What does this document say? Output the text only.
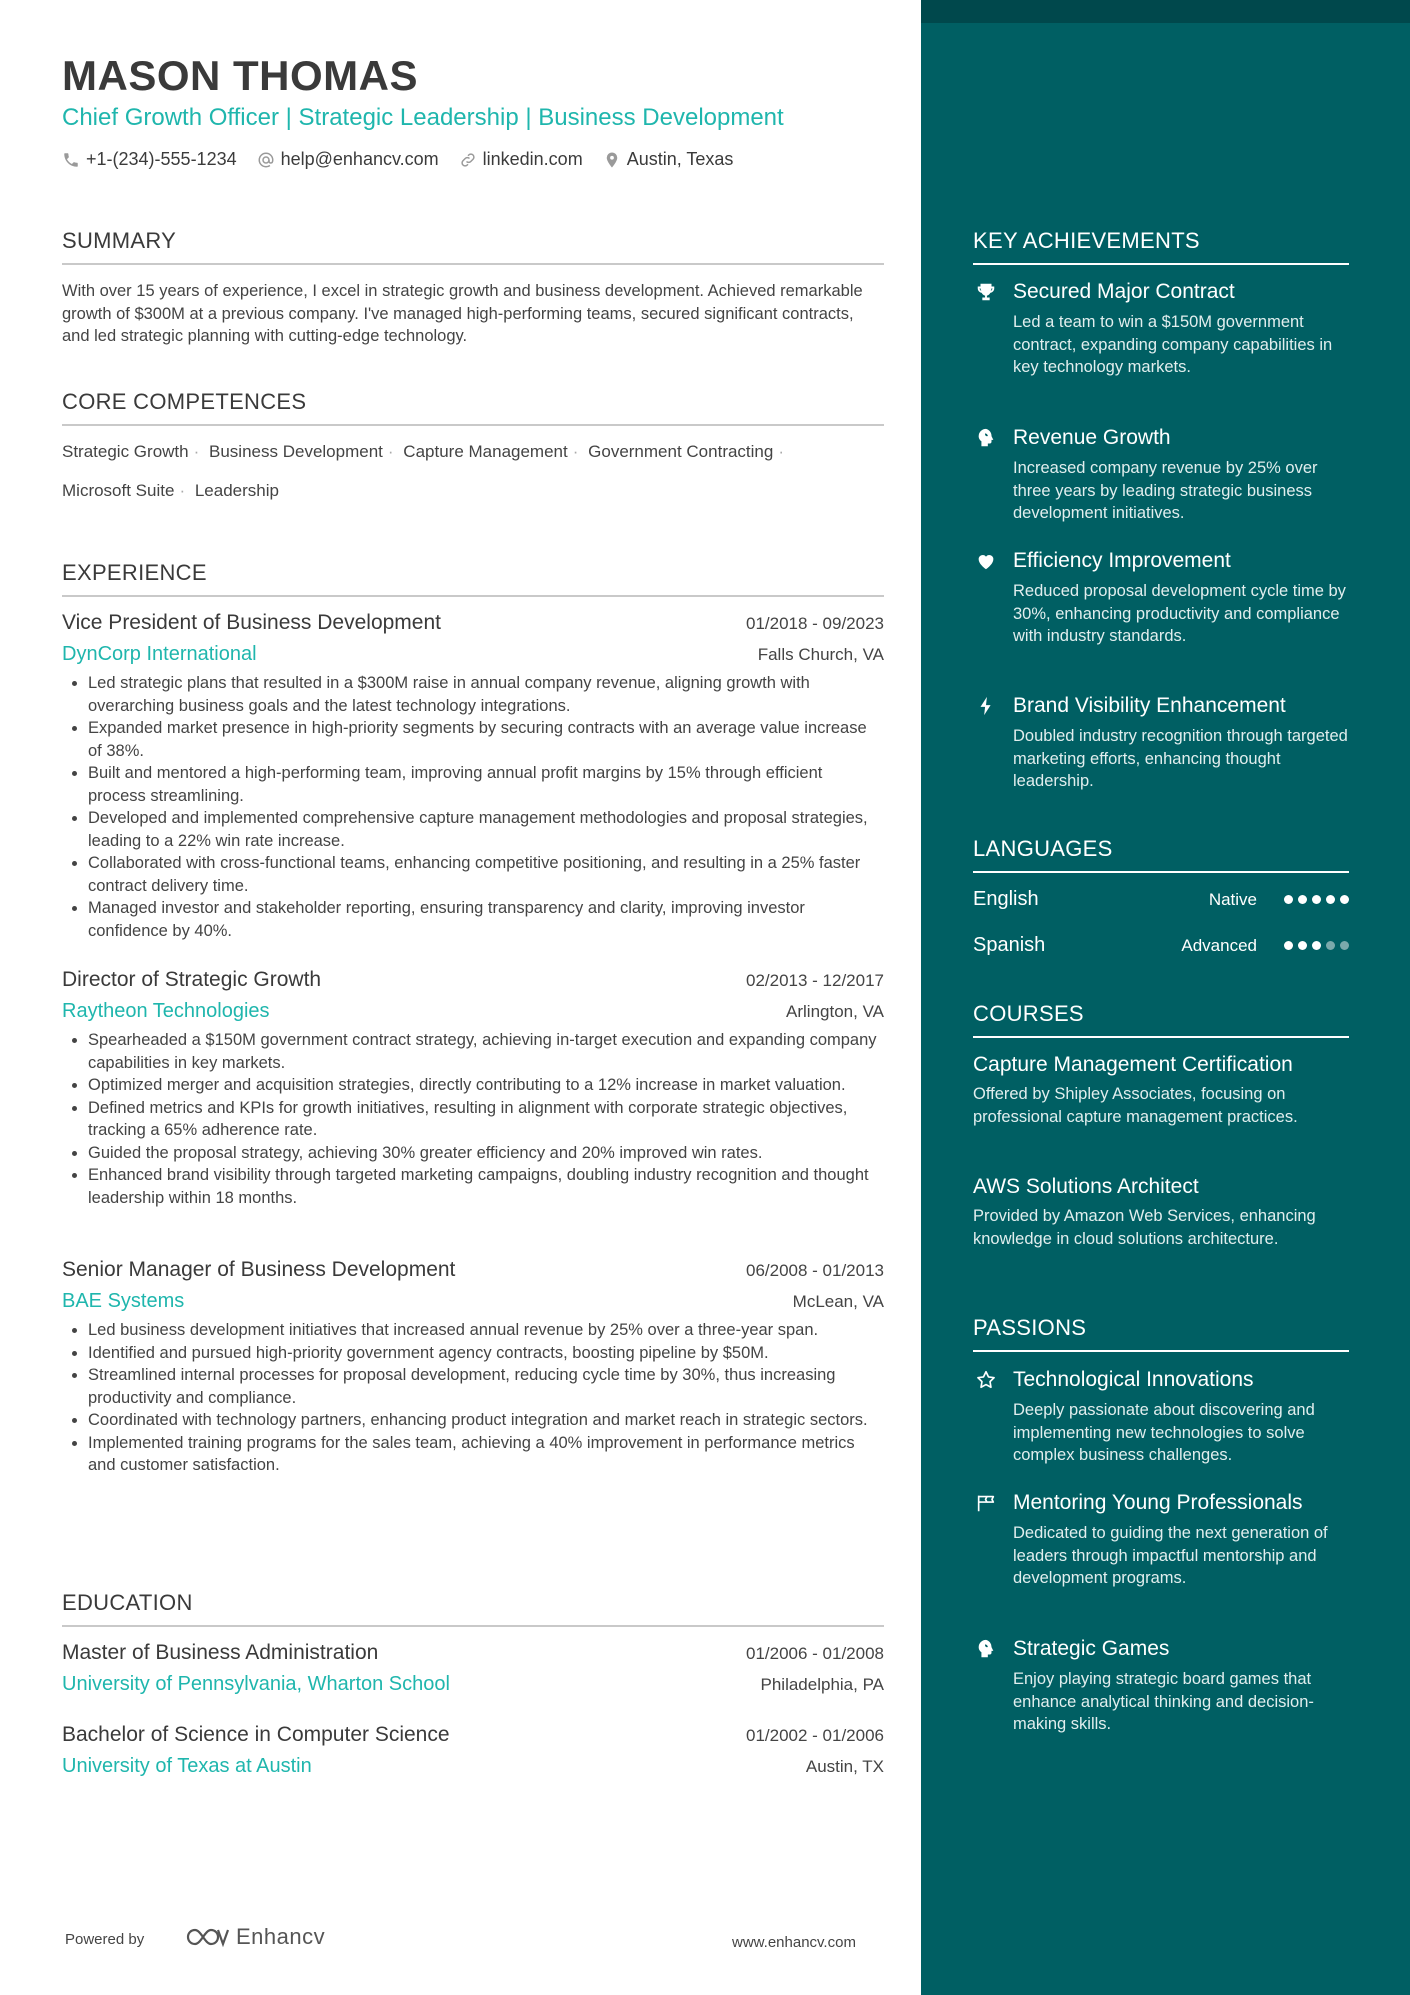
MASON THOMAS
Chief Growth Officer | Strategic Leadership | Business Development
+1-(234)-555-1234 help@enhancv.com linkedin.com Austin, Texas
SUMMARY
With over 15 years of experience, I excel in strategic growth and business development. Achieved remarkable growth of $300M at a previous company. I've managed high-performing teams, secured significant contracts, and led strategic planning with cutting-edge technology.
CORE COMPETENCES
Strategic Growth · Business Development · Capture Management · Government Contracting ·
Microsoft Suite · Leadership
EXPERIENCE
Vice President of Business Development	01/2018 - 09/2023
DynCorp International	Falls Church, VA
• Led strategic plans that resulted in a $300M raise in annual company revenue, aligning growth with overarching business goals and the latest technology integrations.
• Expanded market presence in high-priority segments by securing contracts with an average value increase of 38%.
• Built and mentored a high-performing team, improving annual profit margins by 15% through efficient process streamlining.
• Developed and implemented comprehensive capture management methodologies and proposal strategies, leading to a 22% win rate increase.
• Collaborated with cross-functional teams, enhancing competitive positioning, and resulting in a 25% faster contract delivery time.
• Managed investor and stakeholder reporting, ensuring transparency and clarity, improving investor confidence by 40%.
Director of Strategic Growth	02/2013 - 12/2017
Raytheon Technologies	Arlington, VA
• Spearheaded a $150M government contract strategy, achieving in-target execution and expanding company capabilities in key markets.
• Optimized merger and acquisition strategies, directly contributing to a 12% increase in market valuation.
• Defined metrics and KPIs for growth initiatives, resulting in alignment with corporate strategic objectives, tracking a 65% adherence rate.
• Guided the proposal strategy, achieving 30% greater efficiency and 20% improved win rates.
• Enhanced brand visibility through targeted marketing campaigns, doubling industry recognition and thought leadership within 18 months.
Senior Manager of Business Development	06/2008 - 01/2013
BAE Systems	McLean, VA
• Led business development initiatives that increased annual revenue by 25% over a three-year span.
• Identified and pursued high-priority government agency contracts, boosting pipeline by $50M.
• Streamlined internal processes for proposal development, reducing cycle time by 30%, thus increasing productivity and compliance.
• Coordinated with technology partners, enhancing product integration and market reach in strategic sectors.
• Implemented training programs for the sales team, achieving a 40% improvement in performance metrics and customer satisfaction.
EDUCATION
Master of Business Administration	01/2006 - 01/2008
University of Pennsylvania, Wharton School	Philadelphia, PA
Bachelor of Science in Computer Science	01/2002 - 01/2006
University of Texas at Austin	Austin, TX
Powered by	Enhancv	www.enhancv.com
KEY ACHIEVEMENTS
Secured Major Contract
Led a team to win a $150M government contract, expanding company capabilities in key technology markets.
Revenue Growth
Increased company revenue by 25% over three years by leading strategic business development initiatives.
Efficiency Improvement
Reduced proposal development cycle time by 30%, enhancing productivity and compliance with industry standards.
Brand Visibility Enhancement
Doubled industry recognition through targeted marketing efforts, enhancing thought leadership.
LANGUAGES
English	Native
Spanish	Advanced
COURSES
Capture Management Certification
Offered by Shipley Associates, focusing on professional capture management practices.
AWS Solutions Architect
Provided by Amazon Web Services, enhancing knowledge in cloud solutions architecture.
PASSIONS
Technological Innovations
Deeply passionate about discovering and implementing new technologies to solve complex business challenges.
Mentoring Young Professionals
Dedicated to guiding the next generation of leaders through impactful mentorship and development programs.
Strategic Games
Enjoy playing strategic board games that enhance analytical thinking and decision-making skills.
